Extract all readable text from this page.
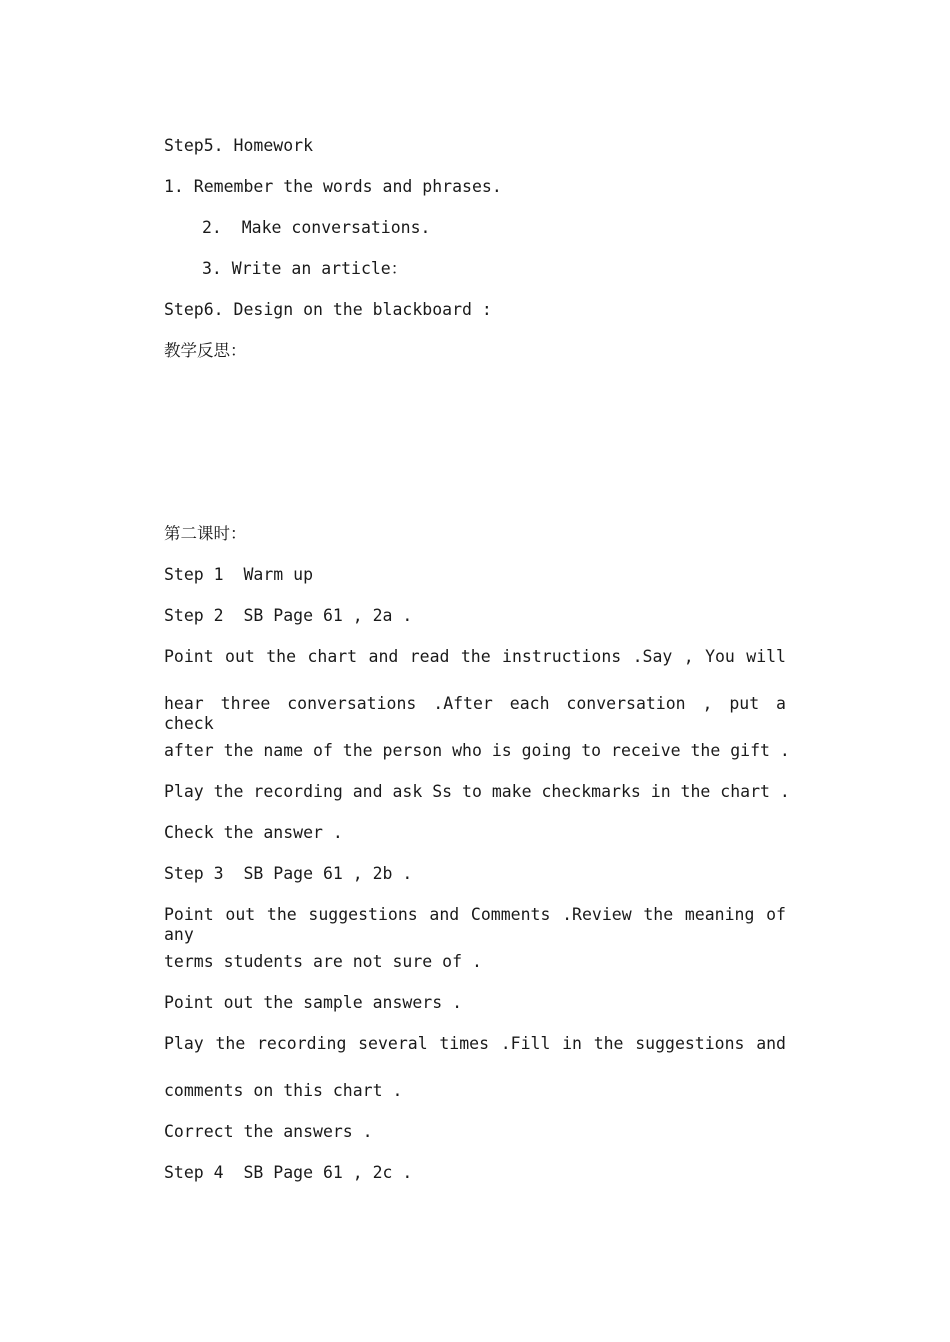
Step5. Homework

1. Remember the words and phrases.

2.  Make conversations.

3. Write an article：

Step6. Design on the blackboard :

教学反思：

第二课时：

Step 1  Warm up

Step 2  SB Page 61 , 2a .

Point out the chart and read the instructions .Say , You will

hear three conversations .After each conversation , put a check

after the name of the person who is going to receive the gift .

Play the recording and ask Ss to make checkmarks in the chart .

Check the answer .

Step 3  SB Page 61 , 2b .

Point out the suggestions and Comments .Review the meaning of any

terms students are not sure of .

Point out the sample answers .

Play the recording several times .Fill in the suggestions and

comments on this chart .

Correct the answers .

Step 4  SB Page 61 , 2c .
